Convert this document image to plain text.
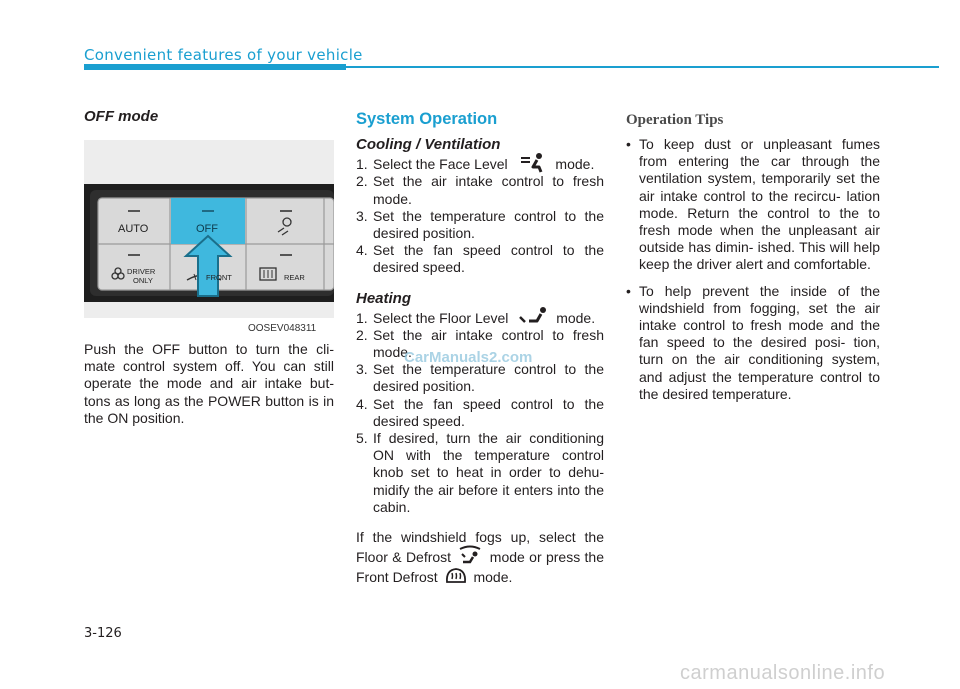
Convenient features of your vehicle
OFF mode
AUTO	OFF
DRIVER
ONLY	FRONT	REAR
OOSEV048311

Push the OFF button to turn the cli- mate control system off. You can still operate the mode and air intake but- tons as long as the POWER button is in the ON position.

System Operation
Cooling / Ventilation

1. Select the Face Level	mode.

2. Set the air intake control to fresh mode.

3. Set the temperature control to the desired position.

4. Set the fan speed control to the desired speed.

Heating

1. Select the Floor Level	mode.

2. Set the air intake control to fresh mode.

3. Set the temperature control to the desired position.

4. Set the fan speed control to the desired speed.

5. If desired, turn the air conditioning ON with the temperature control knob set to heat in order to dehu- midify the air before it enters into the cabin.

If the windshield fogs up, select the Floor & Defrost	mode or press the Front Defrost	mode.

Operation Tips

• To keep dust or unpleasant fumes from entering the car through the ventilation system, temporarily set the air intake control to the recircu- lation mode. Return the control to the to fresh mode when the unpleasant air outside has dimin- ished. This will help keep the driver alert and comfortable.

• To help prevent the inside of the windshield from fogging, set the air intake control to fresh mode and the fan speed to the desired posi- tion, turn on the air conditioning system, and adjust the temperature control to the desired temperature.

CarManuals2.com
3-126
carmanualsonline.info
